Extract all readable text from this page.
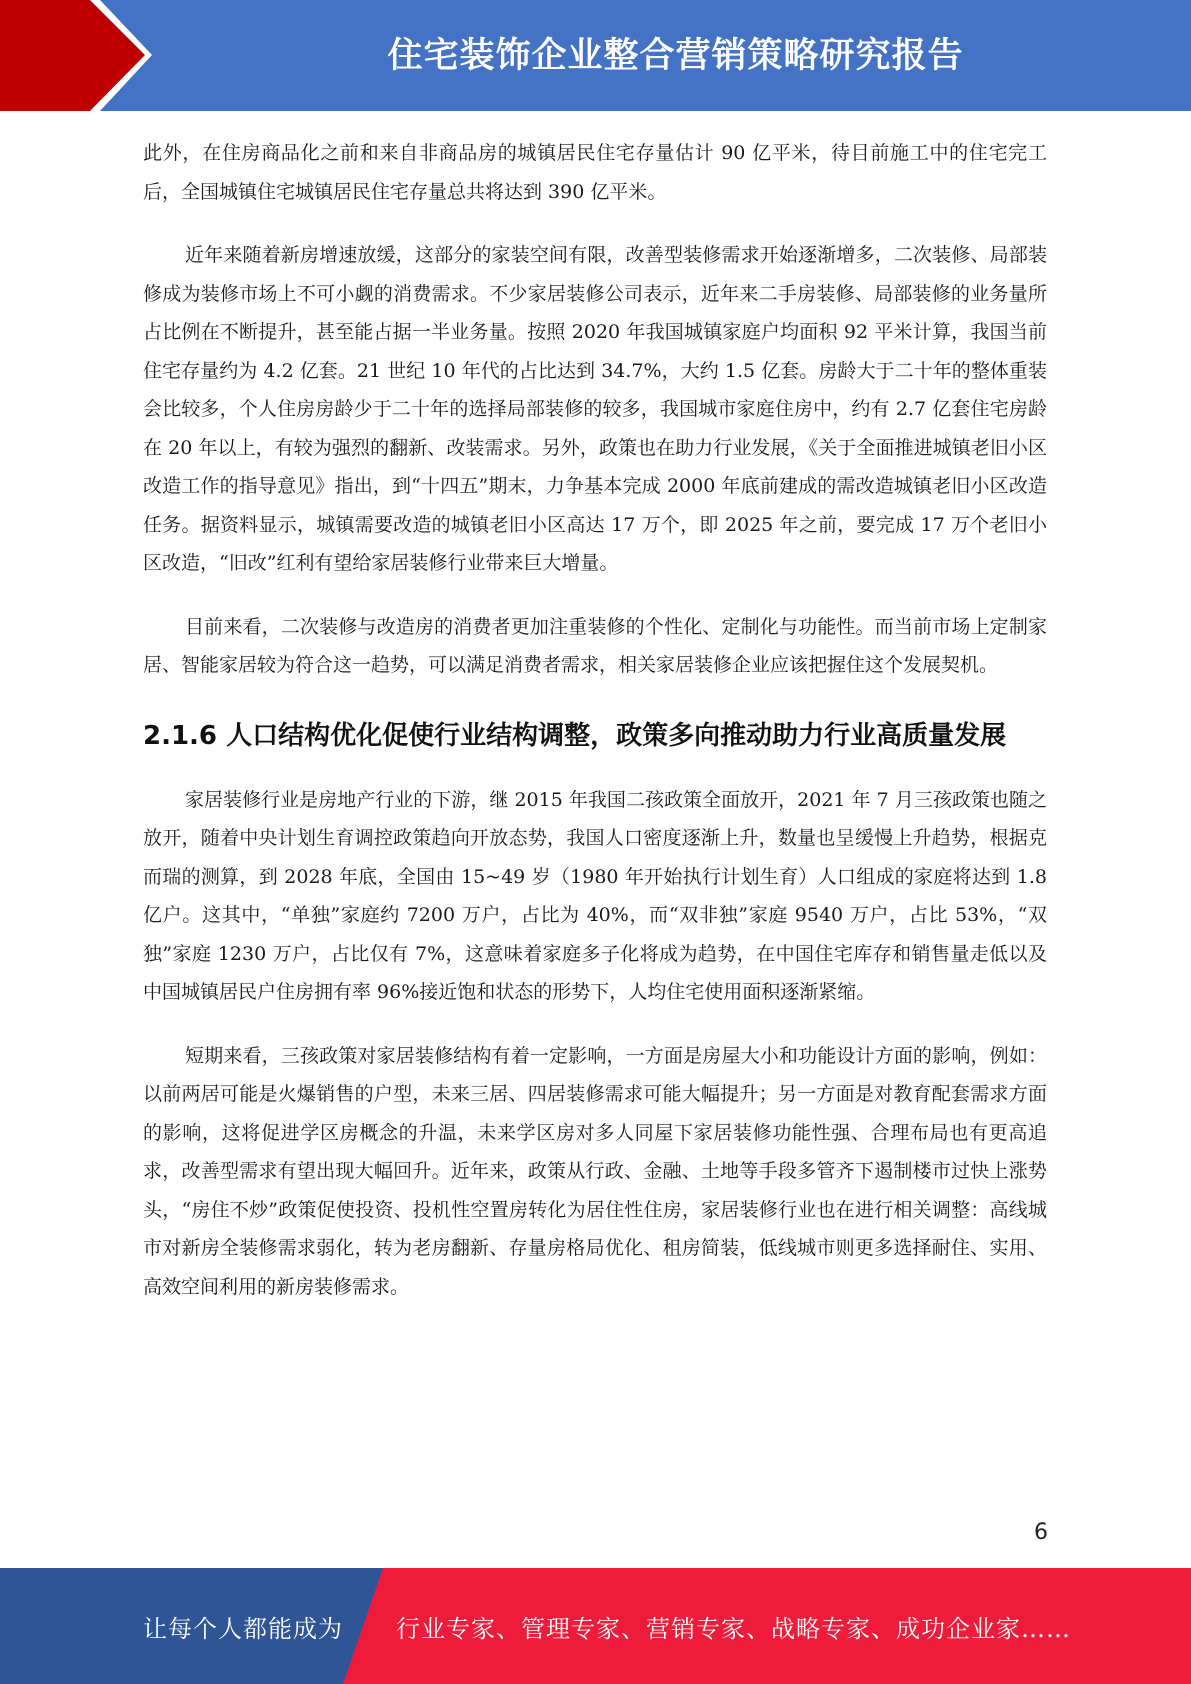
住宅装饰企业整合营销策略研究报告

此外，在住房商品化之前和来自非商品房的城镇居民住宅存量估计 90 亿平米，待目前施工中的住宅完工后，全国城镇住宅城镇居民住宅存量总共将达到 390 亿平米。

近年来随着新房增速放缓，这部分的家装空间有限，改善型装修需求开始逐渐增多，二次装修、局部装修成为装修市场上不可小觑的消费需求。不少家居装修公司表示，近年来二手房装修、局部装修的业务量所占比例在不断提升，甚至能占据一半业务量。按照 2020 年我国城镇家庭户均面积 92 平米计算，我国当前住宅存量约为 4.2 亿套。21 世纪 10 年代的占比达到 34.7%，大约 1.5 亿套。房龄大于二十年的整体重装会比较多，个人住房房龄少于二十年的选择局部装修的较多，我国城市家庭住房中，约有 2.7 亿套住宅房龄在 20 年以上，有较为强烈的翻新、改装需求。另外，政策也在助力行业发展，《关于全面推进城镇老旧小区改造工作的指导意见》指出，到“十四五”期末，力争基本完成 2000 年底前建成的需改造城镇老旧小区改造任务。据资料显示，城镇需要改造的城镇老旧小区高达 17 万个，即 2025 年之前，要完成 17 万个老旧小区改造，“旧改”红利有望给家居装修行业带来巨大增量。

目前来看，二次装修与改造房的消费者更加注重装修的个性化、定制化与功能性。而当前市场上定制家居、智能家居较为符合这一趋势，可以满足消费者需求，相关家居装修企业应该把握住这个发展契机。

2.1.6 人口结构优化促使行业结构调整，政策多向推动助力行业高质量发展

家居装修行业是房地产行业的下游，继 2015 年我国二孩政策全面放开，2021 年 7 月三孩政策也随之放开，随着中央计划生育调控政策趋向开放态势，我国人口密度逐渐上升，数量也呈缓慢上升趋势，根据克而瑞的测算，到 2028 年底，全国由 15~49 岁（1980 年开始执行计划生育）人口组成的家庭将达到 1.8 亿户。这其中，“单独”家庭约 7200 万户，占比为 40%，而“双非独”家庭 9540 万户，占比 53%，“双独”家庭 1230 万户，占比仅有 7%，这意味着家庭多子化将成为趋势，在中国住宅库存和销售量走低以及中国城镇居民户住房拥有率 96%接近饱和状态的形势下，人均住宅使用面积逐渐紧缩。

短期来看，三孩政策对家居装修结构有着一定影响，一方面是房屋大小和功能设计方面的影响，例如：以前两居可能是火爆销售的户型，未来三居、四居装修需求可能大幅提升；另一方面是对教育配套需求方面的影响，这将促进学区房概念的升温，未来学区房对多人同屋下家居装修功能性强、合理布局也有更高追求，改善型需求有望出现大幅回升。近年来，政策从行政、金融、土地等手段多管齐下遏制楼市过快上涨势头，“房住不炒”政策促使投资、投机性空置房转化为居住性住房，家居装修行业也在进行相关调整：高线城市对新房全装修需求弱化，转为老房翻新、存量房格局优化、租房简装，低线城市则更多选择耐住、实用、高效空间利用的新房装修需求。

6
让每个人都能成为 行业专家、管理专家、营销专家、战略专家、成功企业家……
